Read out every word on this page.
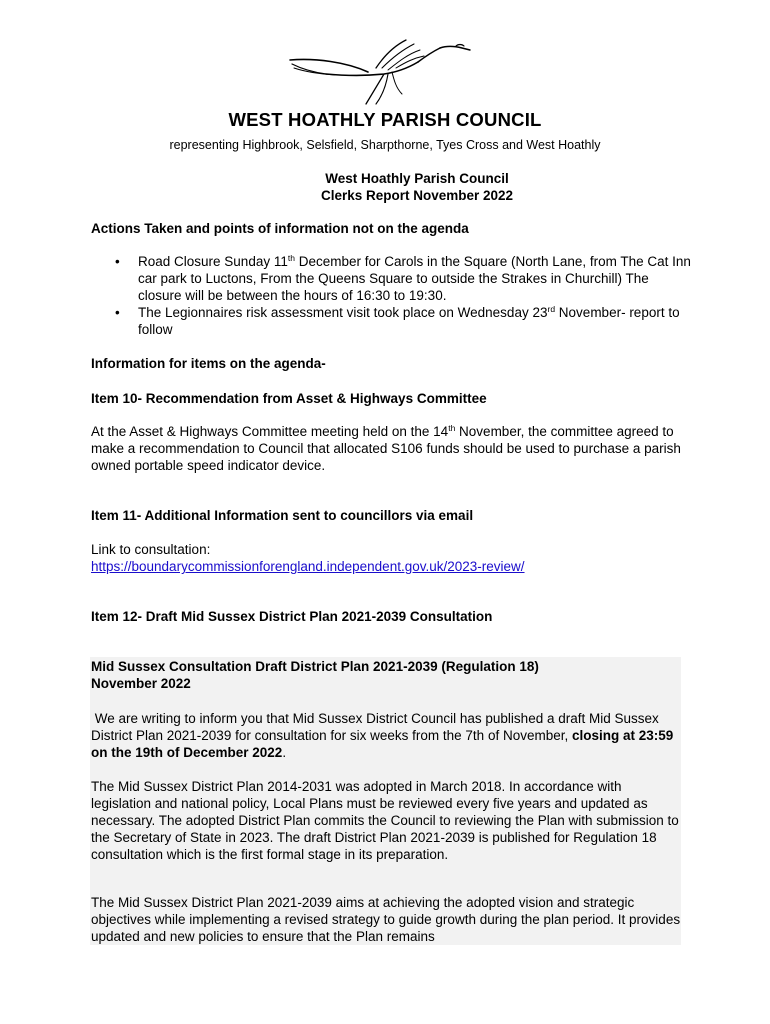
WEST HOATHLY PARISH COUNCIL
representing Highbrook, Selsfield, Sharpthorne, Tyes Cross and West Hoathly
West Hoathly Parish Council
Clerks Report November 2022
Actions Taken and points of information not on the agenda
• Road Closure Sunday 11th December for Carols in the Square (North Lane, from The Cat Inn car park to Luctons, From the Queens Square to outside the Strakes in Churchill) The closure will be between the hours of 16:30 to 19:30.
• The Legionnaires risk assessment visit took place on Wednesday 23rd November- report to follow
Information for items on the agenda-
Item 10- Recommendation from Asset & Highways Committee
At the Asset & Highways Committee meeting held on the 14th November, the committee agreed to make a recommendation to Council that allocated S106 funds should be used to purchase a parish owned portable speed indicator device.
Item 11- Additional Information sent to councillors via email
Link to consultation:
https://boundarycommissionforengland.independent.gov.uk/2023-review/
Item 12- Draft Mid Sussex District Plan 2021-2039 Consultation
Mid Sussex Consultation Draft District Plan 2021-2039 (Regulation 18)
November 2022
We are writing to inform you that Mid Sussex District Council has published a draft Mid Sussex District Plan 2021-2039 for consultation for six weeks from the 7th of November, closing at 23:59 on the 19th of December 2022.
The Mid Sussex District Plan 2014-2031 was adopted in March 2018. In accordance with legislation and national policy, Local Plans must be reviewed every five years and updated as necessary. The adopted District Plan commits the Council to reviewing the Plan with submission to the Secretary of State in 2023. The draft District Plan 2021-2039 is published for Regulation 18 consultation which is the first formal stage in its preparation.
The Mid Sussex District Plan 2021-2039 aims at achieving the adopted vision and strategic objectives while implementing a revised strategy to guide growth during the plan period. It provides updated and new policies to ensure that the Plan remains
